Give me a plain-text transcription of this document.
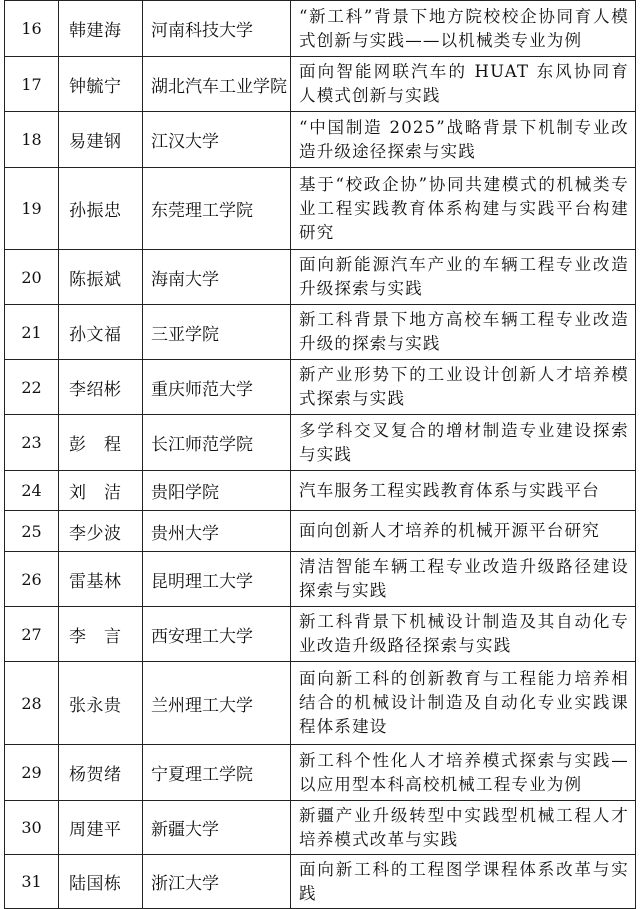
16	韩建海	河南科技大学	“新工科”背景下地方院校校企协同育人模式创新与实践——以机械类专业为例
17	钟毓宁	湖北汽车工业学院	面向智能网联汽车的 HUAT 东风协同育人模式创新与实践
18	易建钢	江汉大学	“中国制造 2025”战略背景下机制专业改造升级途径探索与实践
19	孙振忠	东莞理工学院	基于“校政企协”协同共建模式的机械类专业工程实践教育体系构建与实践平台构建研究
20	陈振斌	海南大学	面向新能源汽车产业的车辆工程专业改造升级探索与实践
21	孙文福	三亚学院	新工科背景下地方高校车辆工程专业改造升级的探索与实践
22	李绍彬	重庆师范大学	新产业形势下的工业设计创新人才培养模式探索与实践
23	彭　程	长江师范学院	多学科交叉复合的增材制造专业建设探索与实践
24	刘　洁	贵阳学院	汽车服务工程实践教育体系与实践平台
25	李少波	贵州大学	面向创新人才培养的机械开源平台研究
26	雷基林	昆明理工大学	清洁智能车辆工程专业改造升级路径建设探索与实践
27	李　言	西安理工大学	新工科背景下机械设计制造及其自动化专业改造升级路径探索与实践
28	张永贵	兰州理工大学	面向新工科的创新教育与工程能力培养相结合的机械设计制造及自动化专业实践课程体系建设
29	杨贺绪	宁夏理工学院	新工科个性化人才培养模式探索与实践—以应用型本科高校机械工程专业为例
30	周建平	新疆大学	新疆产业升级转型中实践型机械工程人才培养模式改革与实践
31	陆国栋	浙江大学	面向新工科的工程图学课程体系改革与实践
